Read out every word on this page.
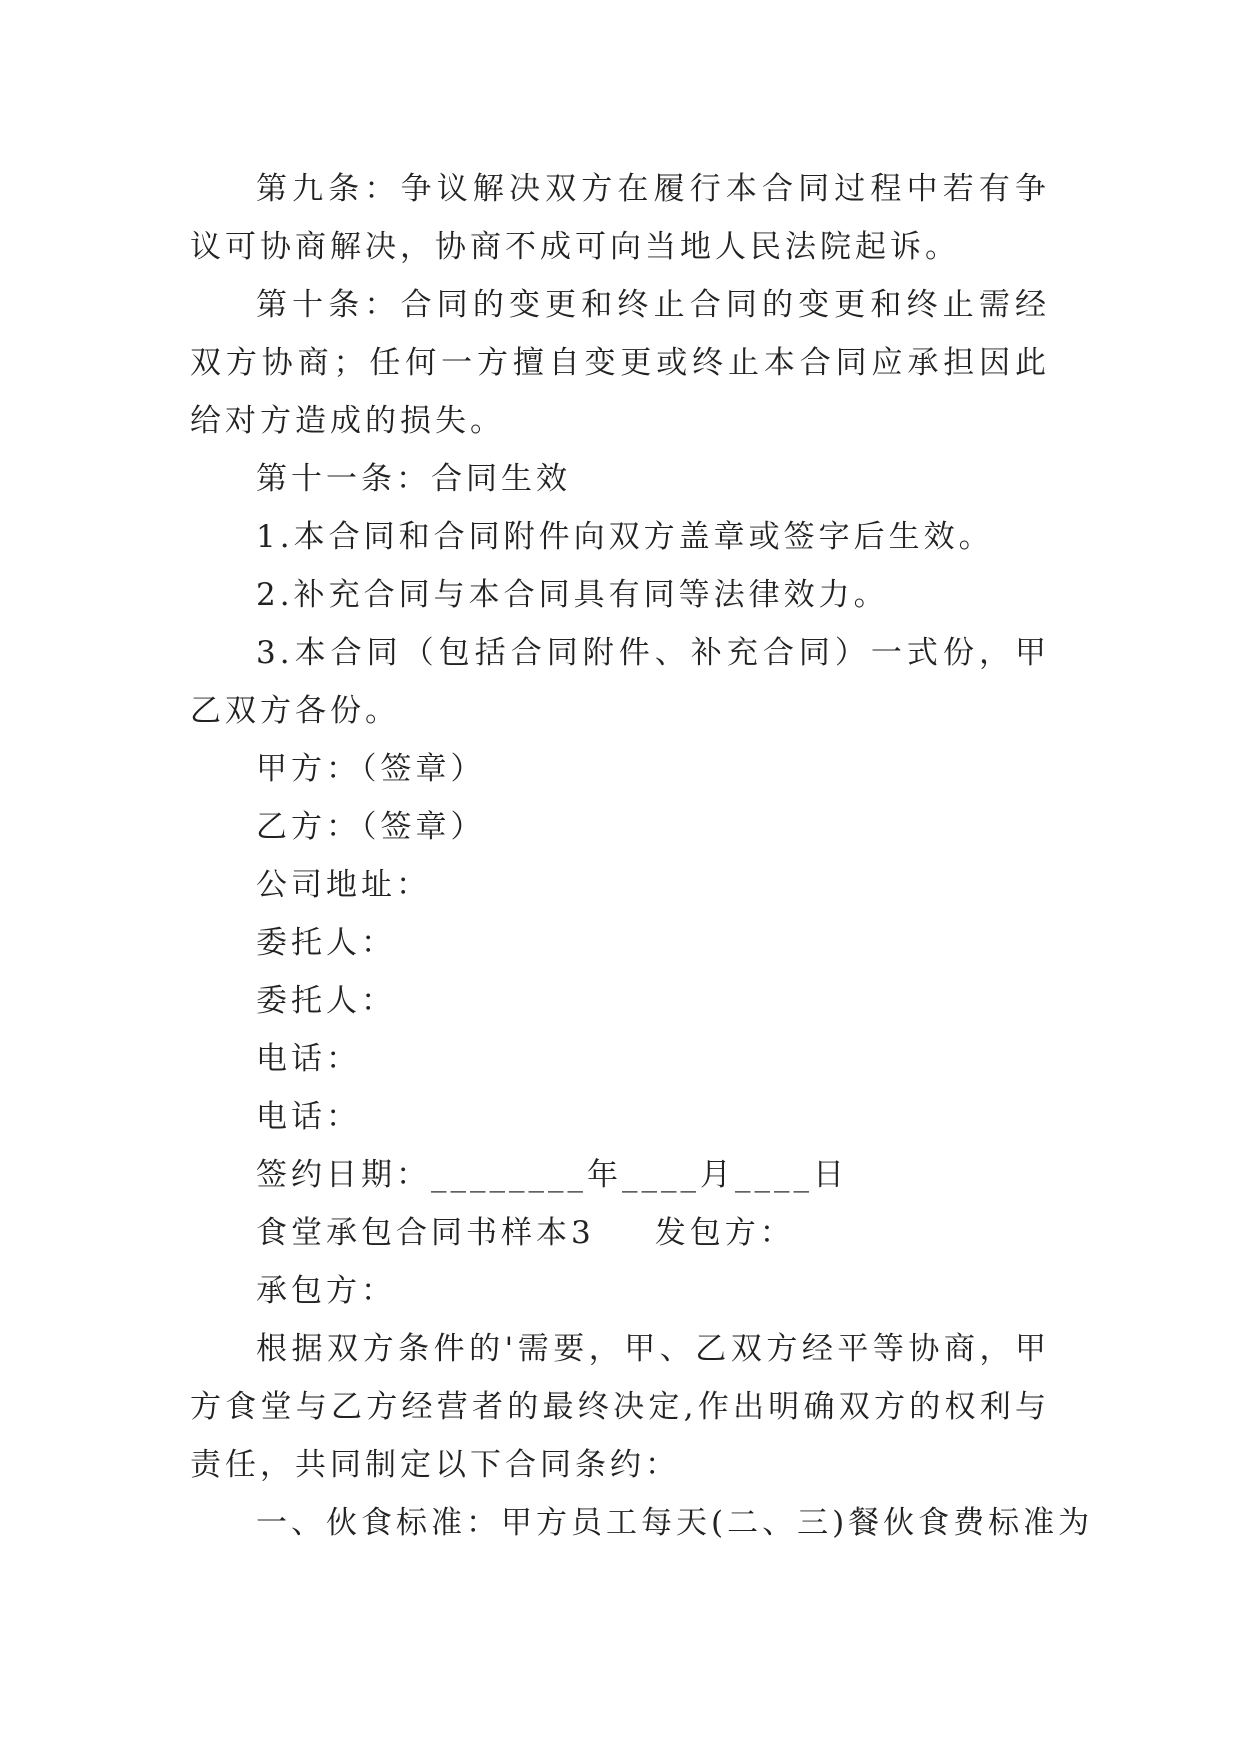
第九条：争议解决双方在履行本合同过程中若有争议可协商解决，协商不成可向当地人民法院起诉。

第十条：合同的变更和终止合同的变更和终止需经双方协商；任何一方擅自变更或终止本合同应承担因此给对方造成的损失。

第十一条：合同生效

1.本合同和合同附件向双方盖章或签字后生效。

2.补充合同与本合同具有同等法律效力。

3.本合同（包括合同附件、补充合同）一式份，甲乙双方各份。

甲方：（签章）

乙方：（签章）

公司地址：

委托人：

委托人：

电话：

电话：

签约日期：________年____月____日

食堂承包合同书样本3 发包方：

承包方：

根据双方条件的'需要，甲、乙双方经平等协商，甲方食堂与乙方经营者的最终决定,作出明确双方的权利与责任，共同制定以下合同条约：

一、伙食标准：甲方员工每天(二、三)餐伙食费标准为
